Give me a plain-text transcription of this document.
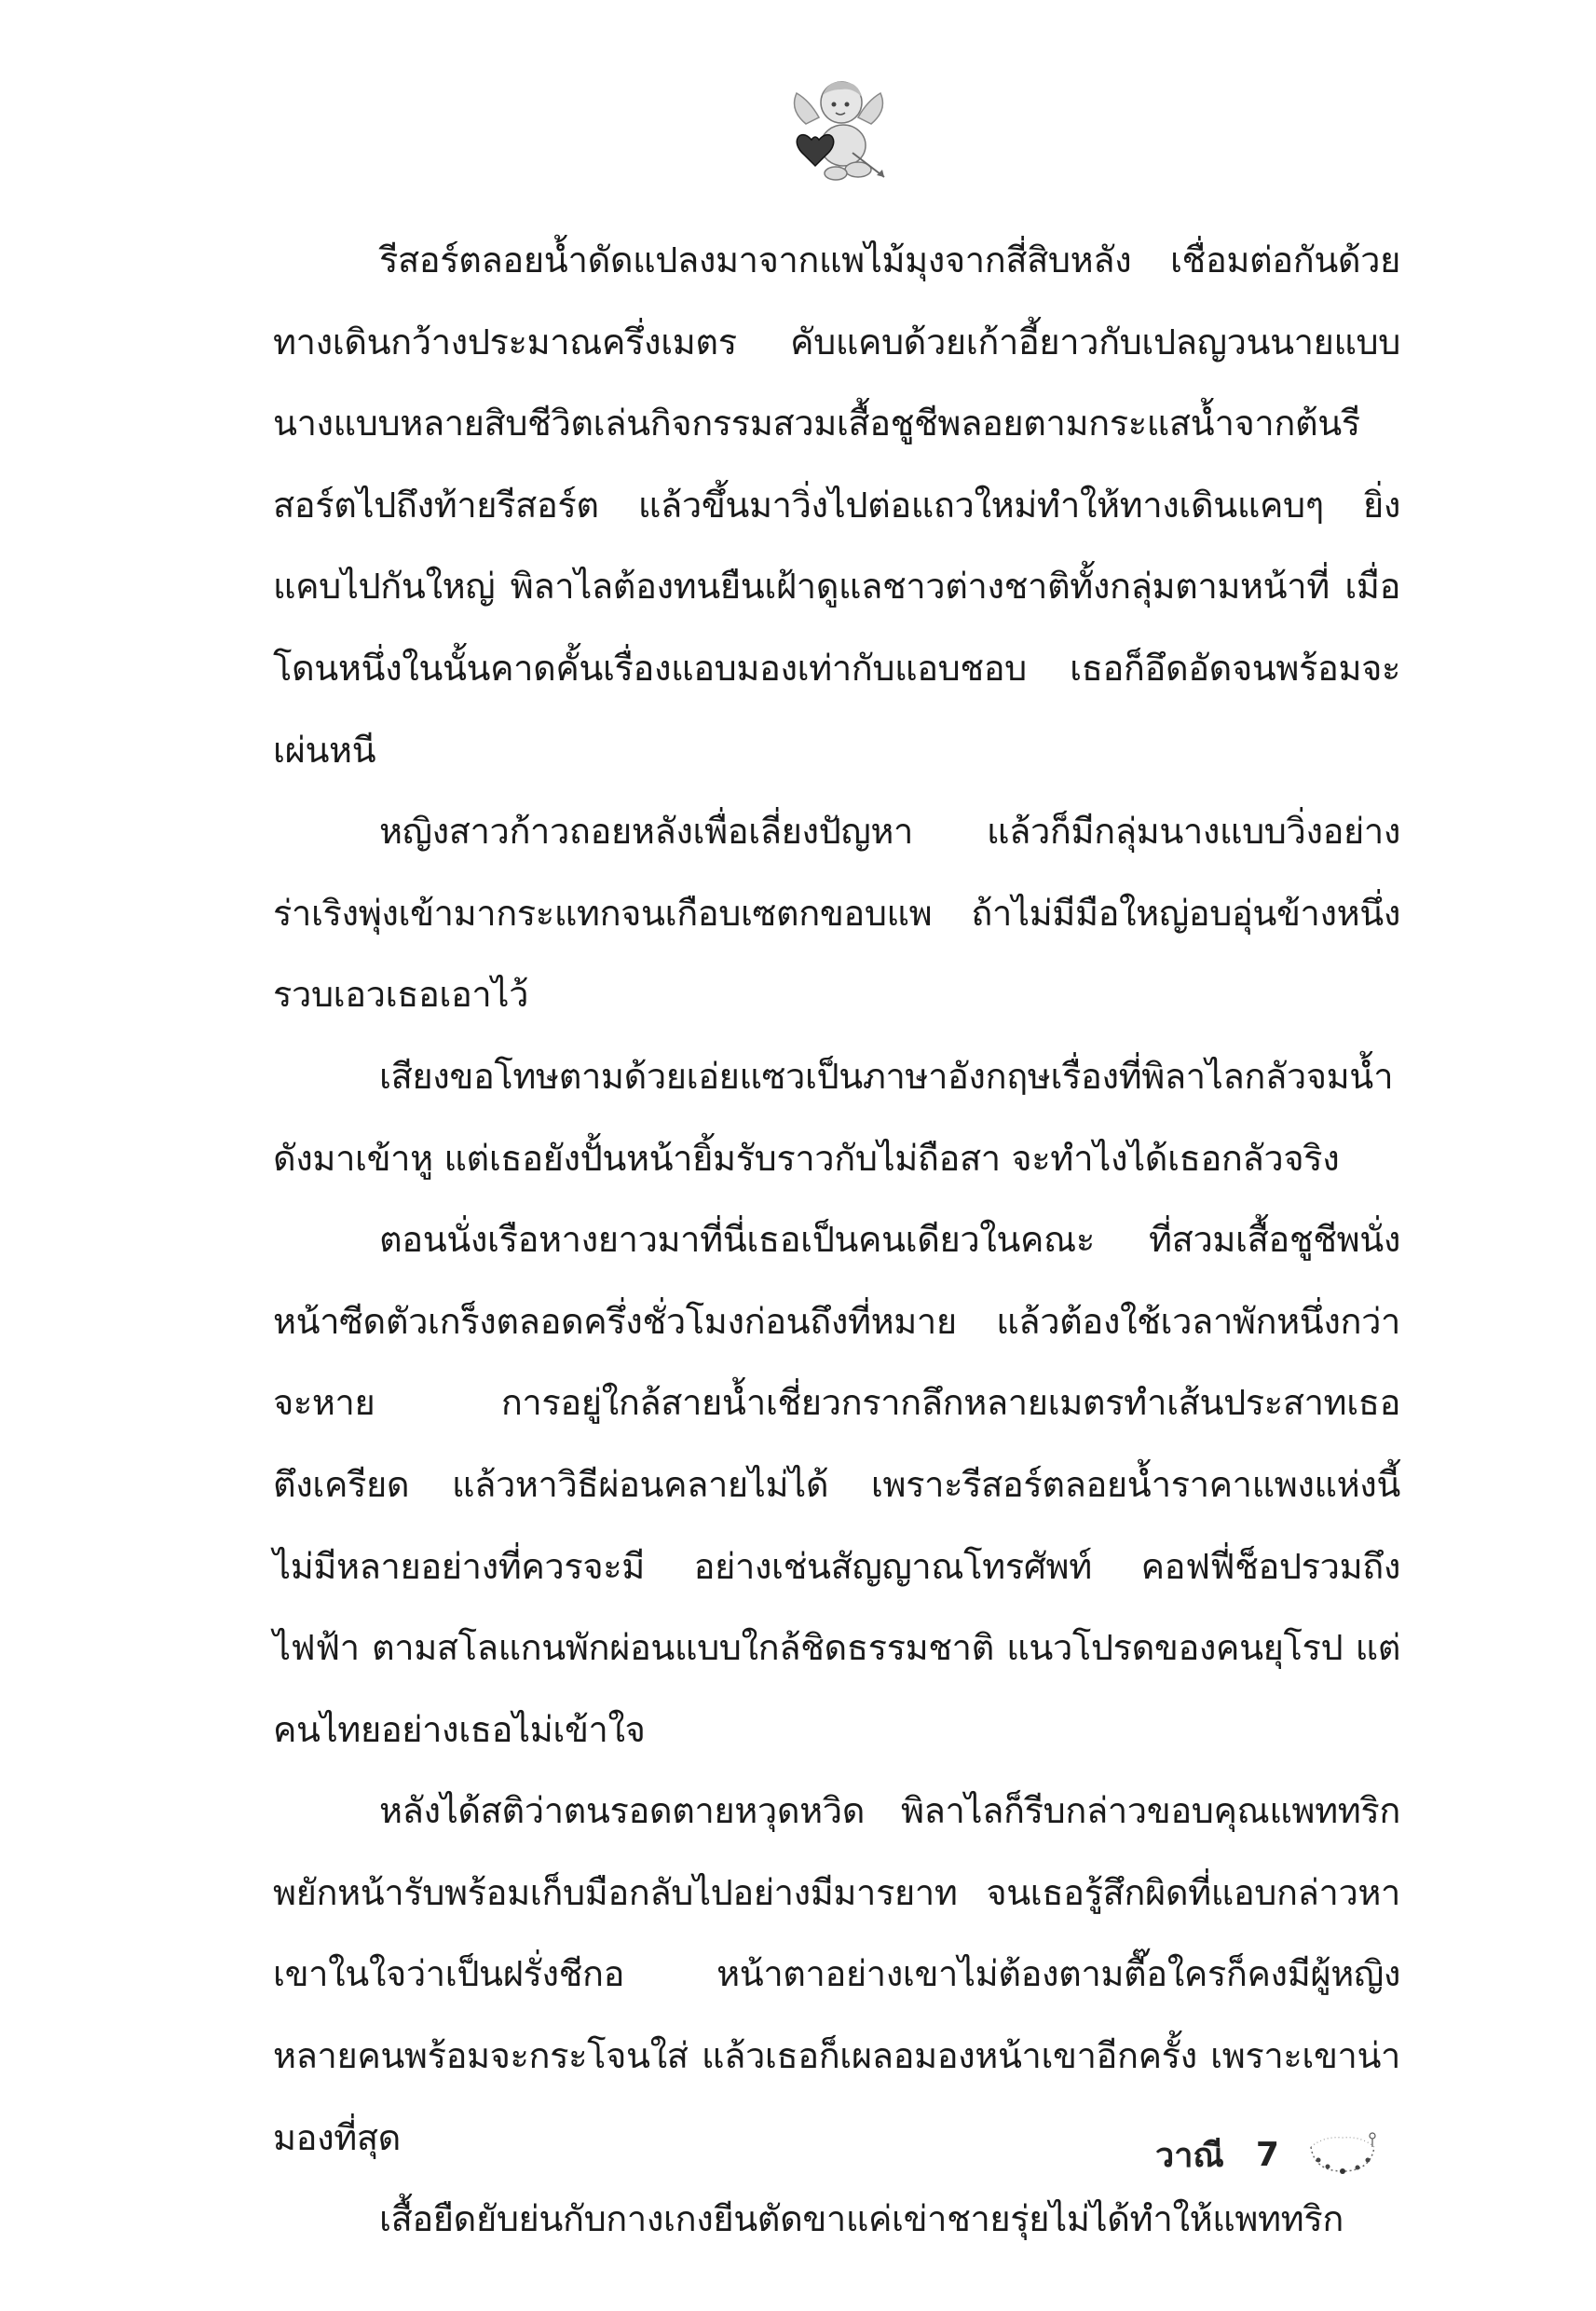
รีสอร์ตลอยน้ำดัดแปลงมาจากแพไม้มุงจากสี่สิบหลัง เชื่อมต่อกันด้วยทางเดินกว้างประมาณครึ่งเมตร คับแคบด้วยเก้าอี้ยาวกับเปลญวนนายแบบนางแบบหลายสิบชีวิตเล่นกิจกรรมสวมเสื้อชูชีพลอยตามกระแสน้ำจากต้นรีสอร์ตไปถึงท้ายรีสอร์ต แล้วขึ้นมาวิ่งไปต่อแถวใหม่ทำให้ทางเดินแคบๆ ยิ่งแคบไปกันใหญ่ พิลาไลต้องทนยืนเฝ้าดูแลชาวต่างชาติทั้งกลุ่มตามหน้าที่ เมื่อโดนหนึ่งในนั้นคาดคั้นเรื่องแอบมองเท่ากับแอบชอบ เธอก็อึดอัดจนพร้อมจะเผ่นหนี

หญิงสาวก้าวถอยหลังเพื่อเลี่ยงปัญหา แล้วก็มีกลุ่มนางแบบวิ่งอย่างร่าเริงพุ่งเข้ามากระแทกจนเกือบเซตกขอบแพ ถ้าไม่มีมือใหญ่อบอุ่นข้างหนึ่งรวบเอวเธอเอาไว้

เสียงขอโทษตามด้วยเอ่ยแซวเป็นภาษาอังกฤษเรื่องที่พิลาไลกลัวจมน้ำดังมาเข้าหู แต่เธอยังปั้นหน้ายิ้มรับราวกับไม่ถือสา จะทำไงได้เธอกลัวจริง

ตอนนั่งเรือหางยาวมาที่นี่เธอเป็นคนเดียวในคณะ ที่สวมเสื้อชูชีพนั่งหน้าซีดตัวเกร็งตลอดครึ่งชั่วโมงก่อนถึงที่หมาย แล้วต้องใช้เวลาพักหนึ่งกว่าจะหาย การอยู่ใกล้สายน้ำเชี่ยวกรากลึกหลายเมตรทำเส้นประสาทเธอตึงเครียด แล้วหาวิธีผ่อนคลายไม่ได้ เพราะรีสอร์ตลอยน้ำราคาแพงแห่งนี้ ไม่มีหลายอย่างที่ควรจะมี อย่างเช่นสัญญาณโทรศัพท์ คอฟฟี่ช็อปรวมถึงไฟฟ้า ตามสโลแกนพักผ่อนแบบใกล้ชิดธรรมชาติ แนวโปรดของคนยุโรป แต่คนไทยอย่างเธอไม่เข้าใจ

หลังได้สติว่าตนรอดตายหวุดหวิด พิลาไลก็รีบกล่าวขอบคุณแพททริกพยักหน้ารับพร้อมเก็บมือกลับไปอย่างมีมารยาท จนเธอรู้สึกผิดที่แอบกล่าวหาเขาในใจว่าเป็นฝรั่งชีกอ หน้าตาอย่างเขาไม่ต้องตามตื๊อใครก็คงมีผู้หญิงหลายคนพร้อมจะกระโจนใส่ แล้วเธอก็เผลอมองหน้าเขาอีกครั้ง เพราะเขาน่ามองที่สุด

เสื้อยืดยับย่นกับกางเกงยีนตัดขาแค่เข่าชายรุ่ยไม่ได้ทำให้แพททริก

วาณี 7
